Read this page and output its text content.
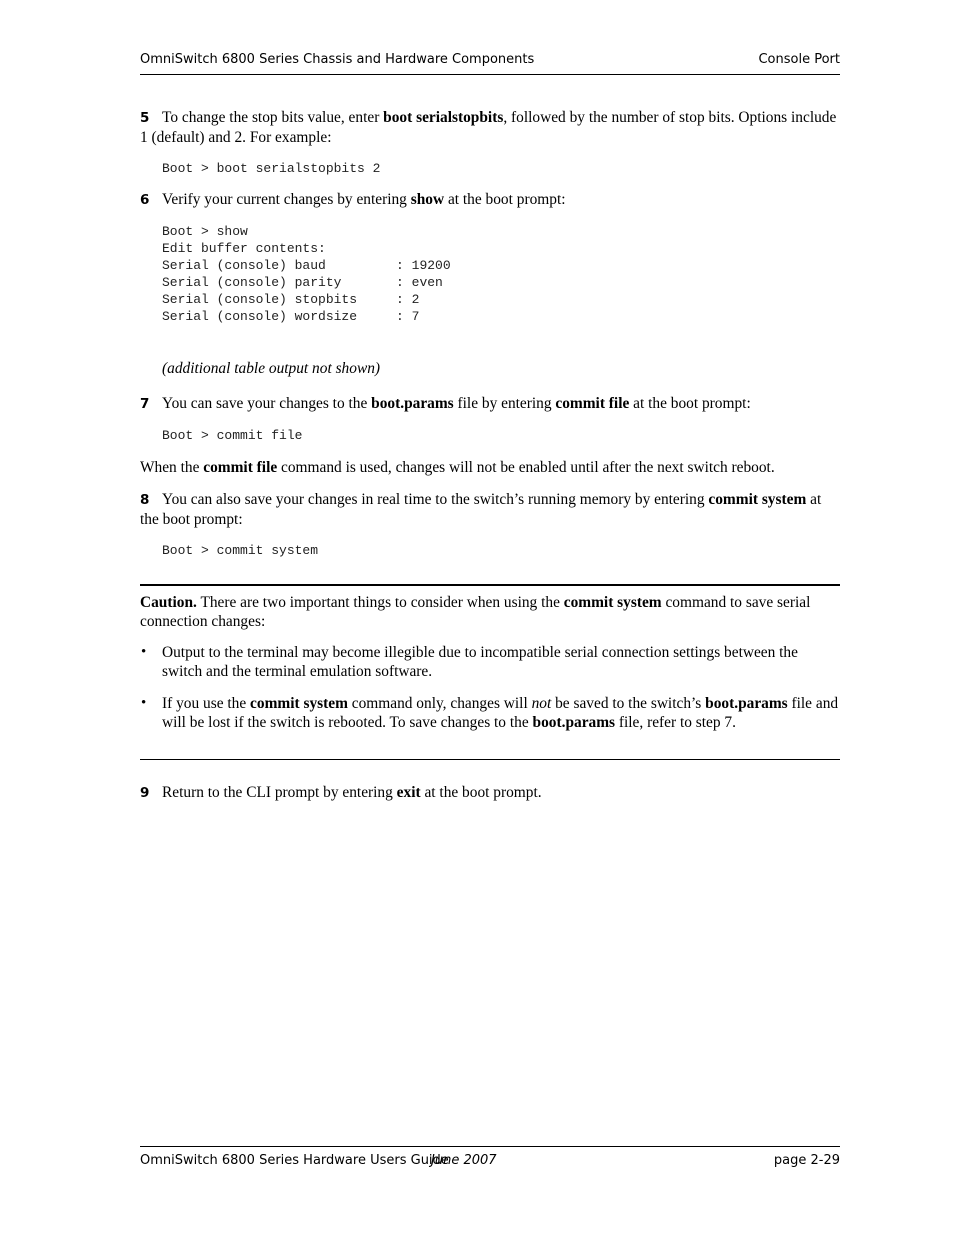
OmniSwitch 6800 Series Chassis and Hardware Components	Console Port
5 To change the stop bits value, enter boot serialstopbits, followed by the number of stop bits. Options include 1 (default) and 2. For example:
Boot > boot serialstopbits 2
6 Verify your current changes by entering show at the boot prompt:
Boot > show
Edit buffer contents:
Serial (console) baud         : 19200
Serial (console) parity       : even
Serial (console) stopbits     : 2
Serial (console) wordsize     : 7
(additional table output not shown)
7 You can save your changes to the boot.params file by entering commit file at the boot prompt:
Boot > commit file
When the commit file command is used, changes will not be enabled until after the next switch reboot.
8 You can also save your changes in real time to the switch’s running memory by entering commit system at the boot prompt:
Boot > commit system
Caution. There are two important things to consider when using the commit system command to save serial connection changes:
• Output to the terminal may become illegible due to incompatible serial connection settings between the switch and the terminal emulation software.
• If you use the commit system command only, changes will not be saved to the switch’s boot.params file and will be lost if the switch is rebooted. To save changes to the boot.params file, refer to step 7.
9 Return to the CLI prompt by entering exit at the boot prompt.
OmniSwitch 6800 Series Hardware Users Guide
June 2007	page 2-29
